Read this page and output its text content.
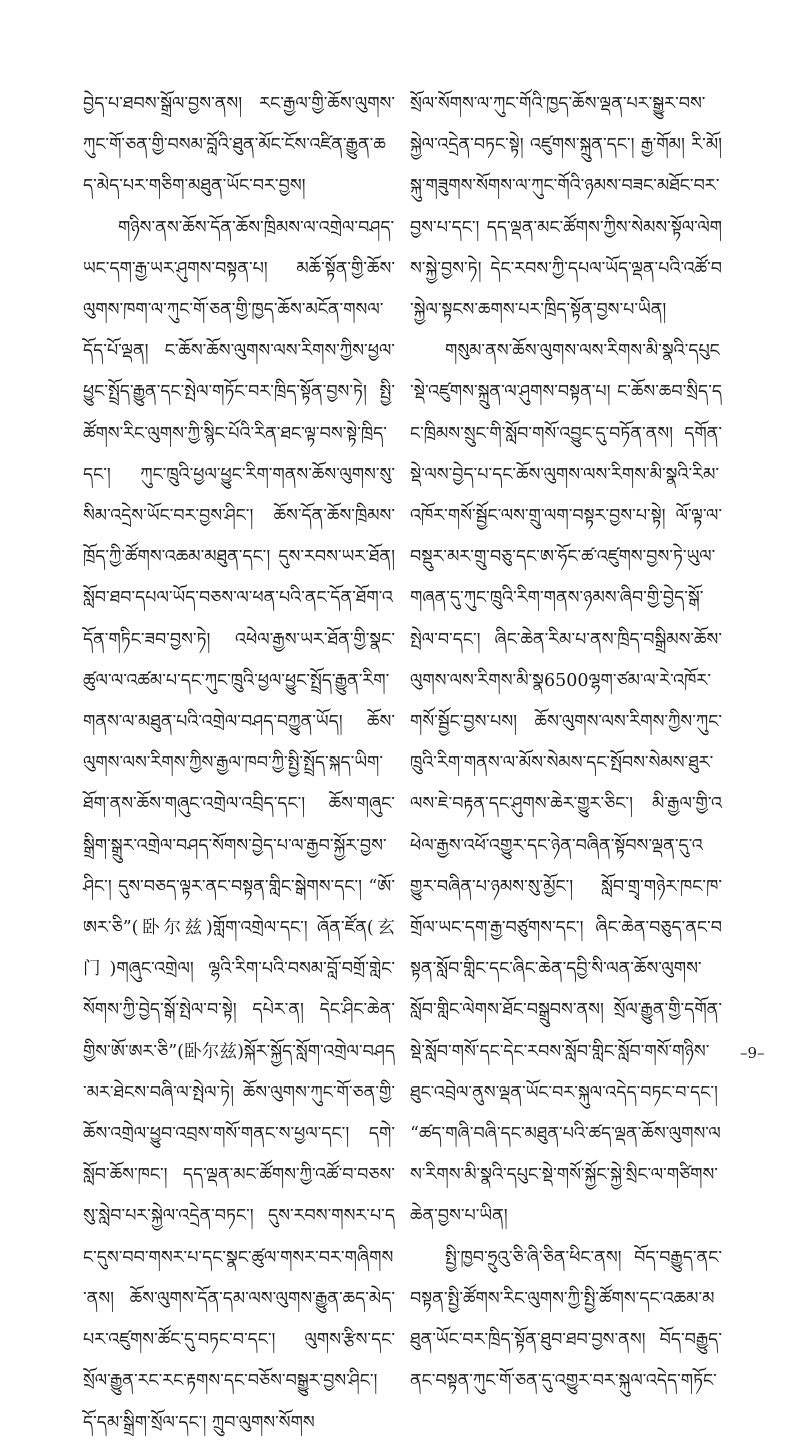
བྱེད་པ་ཐབས་སྒྲོལ་བྱས་ནས། རང་རྒྱལ་གྱི་ཆོས་ལུགས་ཀུང་གོ་ཅན་གྱི་བསམ་བློའི་ཐུན་མོང་ངོས་འཛིན་རྒྱུན་ཆད་མེད་པར་གཅིག་མཐུན་ཡོང་བར་བྱས།

གཉིས་ནས་ཆོས་དོན་ཆོས་ཁྲིམས་ལ་འགྲེལ་བཤད་ཡང་དག་རྒྱ་ཡར་ཤུགས་བསྟན་པ། མཆོ་སྟོན་གྱི་ཆོས་ལུགས་ཁག་ལ་ཀུང་གོ་ཅན་གྱི་ཁྱད་ཆོས་མངོན་གསལ་དོད་པོ་ལྡན། ང་ཆོས་ཆོས་ལུགས་ལས་རིགས་ཀྱིས་ཕྱལ་ཕྱུང་སྤྲོད་རྒྱུན་དང་སྤེལ་གཏོང་བར་ཁྲིད་སྟོན་བྱས་ཏེ། སྤྱི་ཚོགས་རིང་ལུགས་ཀྱི་སྙིང་པོའི་རིན་ཐང་ལྟ་བས་སྟེ་ཁྲིད་དང་། ཀུང་ཁྲུའི་ཕྱལ་ཕྱུང་རིག་གནས་ཆོས་ལུགས་སུ་སིམ་འདྲེས་ཡོང་བར་བྱས་ཤིང་། ཆོས་དོན་ཆོས་ཁྲིམས་ཁྲོད་ཀྱི་ཚོགས་འཆམ་མཐུན་དང་། དུས་རབས་ཡར་ཐོན། སློབ་ཐབ་དཔལ་ཡོད་བཅས་ལ་ཕན་པའི་ནང་དོན་ཐོག་འདོན་གཏིང་ཟབ་བྱས་ཏེ། འཕེལ་རྒྱས་ཡར་ཐོན་གྱི་སྣང་ཚུལ་ལ་འཚམ་པ་དང་ཀུང་ཁྲུའི་ཕྱལ་ཕྱུང་སྤྲོད་རྒྱུན་རིག་གནས་ལ་མཐུན་པའི་འགྲེལ་བཤད་བཀྱུན་ཡོད། ཆོས་ལུགས་ལས་རིགས་ཀྱིས་རྒྱལ་ཁབ་ཀྱི་སྤྱི་སྤྲོད་སྐད་ཡིག་ཐོག་ནས་ཆོས་གཞུང་འགྲེལ་འབྲིད་དང་། ཆོས་གཞུང་སྒྲིག་སྒྲུར་འགྲེལ་བཤད་སོགས་བྱེད་པ་ལ་རྒྱབ་སྐྱོར་བྱས་ཤིང་། དུས་བཅད་ལྟར་ནང་བསྟན་གླིང་སྒེགས་དང་། “ཨོ་ཨར་ཅི”(卧尔兹)གློག་འགྲེལ་དང་། ཞོན་ཛོན(玄门)གཞུང་འགྲེལ། ལྷའི་རིག་པའི་བསམ་བློ་བགྲོ་གླེང་སོགས་ཀྱི་བྱེད་སྒོ་སྤེལ་བ་སྟེ། དཔེར་ན། དེང་ཤིང་ཆེན་གྱིས་ཨོ་ཨར་ཅི”(卧尔兹)སྐོར་སྐྱོད་སློག་འགྲེལ་བཤད་མར་ཐེངས་བཞི་ལ་སྤེལ་ཏེ། ཆོས་ལུགས་ཀུང་གོ་ཅན་གྱི་ཆོས་འགྲེལ་ཕྱུབ་འབྲས་གསོ་གནང་ས་ཕྱལ་དང་། དགེ་སློབ་ཆོས་ཁང་། དད་ལྡན་མང་ཚོགས་ཀྱི་འཚོ་བ་བཅས་སུ་སླེབ་པར་སྐྱེལ་འདྲེན་བཏང་། དུས་རབས་གསར་པ་དང་དུས་བབ་གསར་པ་དང་སྣང་ཚུལ་གསར་བར་གཞིགས་ནས། ཆོས་ལུགས་དོན་དམ་ལས་ལུགས་རྒྱུན་ཆད་མེད་པར་འཛུགས་ཚོང་དུ་བཏང་བ་དང་། ལུགས་རྩིས་དང་སྲོལ་རྒྱུན་རང་རང་རྟགས་དང་བཅོས་བསྒྱུར་བྱས་ཤིང་། དོ་དམ་སྒྲིག་སྲོལ་དང་། ཀྲུབ་ལུགས་སོགས

སྲོལ་སོགས་ལ་ཀུང་གོའི་ཁྱད་ཆོས་ལྡན་པར་སྒྱུར་བས་སྐྱེལ་འདྲེན་བཏང་སྟེ། འཛུགས་སྐྲུན་དང་། རྒྱ་གོམ། རི་མོ། སྐུ་གཟུགས་སོགས་ལ་ཀུང་གོའི་ཉམས་བཟང་མཐོང་བར་བྱས་པ་དང་། དད་ལྡན་མང་ཚོགས་ཀྱིས་སེམས་སྟོལ་ལེགས་སྐྱེ་བྱས་ཏེ། དེང་རབས་ཀྱི་དཔལ་ཡོད་ལྡན་པའི་འཚོ་བ་སྐྱེལ་སྟངས་ཆགས་པར་ཁྲིད་སྟོན་བྱས་པ་ཡིན།

གསུམ་ནས་ཆོས་ལུགས་ལས་རིགས་མི་སྣའི་དཔུང་སྡེ་འཛུགས་སྐྲུན་ལ་ཤུགས་བསྟན་པ། ང་ཆོས་ཆབ་སྲིད་དང་ཁྲིམས་སྲུང་གི་སློབ་གསོ་འབྱུང་དུ་བཏོན་ནས། དགོན་སྡེ་ལས་བྱེད་པ་དང་ཆོས་ལུགས་ལས་རིགས་མི་སྣའི་རིམ་འཁོར་གསོ་སྦྱོང་ལས་གྲུ་ལག་བསྟར་བྱས་པ་སྟེ། ལོ་ལྟ་ལ་བསྡུར་མར་གྲུ་བཅུ་དང་ཨ་ཧོང་ཚ་འཛུགས་བྱས་ཏེ་ཡུལ་གཞན་དུ་ཀུང་ཁྲུའི་རིག་གནས་ཉམས་ཞིབ་གྱི་བྱེད་སྒོ་སྤེལ་བ་དང་། ཞིང་ཆེན་རིམ་པ་ནས་ཁྲིད་བསྒྲིམས་ཆོས་ལུགས་ལས་རིགས་མི་སྣ6500ལྷག་ཙམ་ལ་རེ་འཁོར་གསོ་སྦྱོང་བྱས་པས། ཆོས་ལུགས་ལས་རིགས་ཀྱིས་ཀུང་ཁྲུའི་རིག་གནས་ལ་མོས་སེམས་དང་སྤོབས་སེམས་ཐུར་ལས་ཇེ་བརྟན་དང་ཤུགས་ཆེར་གྱུར་ཅིང་། མི་རྒྱལ་གྱི་འཕེལ་རྒྱས་འཕོ་འགྱུར་དང་ཉེན་བཞིན་སྟོབས་ལྡན་དུ་འགྱུར་བཞིན་པ་ཉམས་སུ་མྱོང་། སློབ་གྲྭ་གཉེར་ཁང་ཁ་གྲོལ་ཡང་དག་རྒྱ་བཙུགས་དང་། ཞིང་ཆེན་བཅུད་ནང་བསྟན་སློབ་གླིང་དང་ཞིང་ཆེན་དབྱི་སི་ལན་ཆོས་ལུགས་སློབ་གླིང་ལེགས་ཐོང་བསྒྲུབས་ནས། སྲོལ་རྒྱུན་གྱི་དགོན་སྡེ་སློབ་གསོ་དང་དེང་རབས་སློབ་གླིང་སློབ་གསོ་གཉིས་ཐུང་འབྲེལ་ནུས་ལྡན་ཡོང་བར་སྐུལ་འདེད་བཏང་བ་དང་། “ཚད་གཞི་བཞི་དང་མཐུན་པའི་ཚད་ལྡན་ཆོས་ལུགས་ལས་རིགས་མི་སྣའི་དཔུང་སྡེ་གསོ་སྐྱོང་སྐྱེ་སྲིང་ལ་གཙིགས་ཆེན་བྱས་པ་ཡིན།

སྤྱི་ཁྱབ་ཧྲུའུ་ཅི་ཞི་ཅིན་ཕིང་ནས། བོད་བརྒྱུད་ནང་བསྟན་སྤྱི་ཚོགས་རིང་ལུགས་ཀྱི་སྤྱི་ཚོགས་དང་འཆམ་མཐུན་ཡོང་བར་ཁྲིད་སྟོན་ཐུབ་ཐབ་བྱས་ནས། བོད་བརྒྱུད་ནང་བསྟན་ཀུང་གོ་ཅན་དུ་འགྱུར་བར་སྐུལ་འདེད་གཏོང་

–9–
